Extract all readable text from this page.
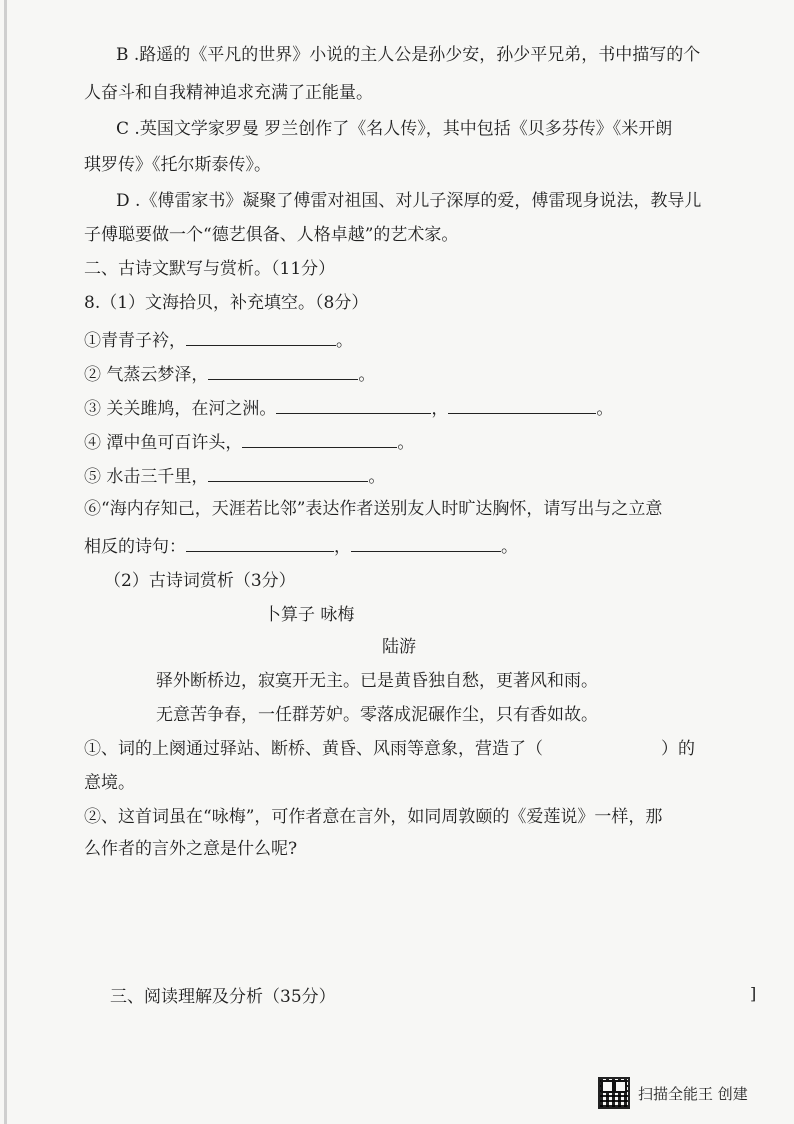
B .路遥的《平凡的世界》小说的主人公是孙少安，孙少平兄弟，书中描写的个
人奋斗和自我精神追求充满了正能量。
C .英国文学家罗曼 罗兰创作了《名人传》，其中包括《贝多芬传》《米开朗
琪罗传》《托尔斯泰传》。
D .《傅雷家书》凝聚了傅雷对祖国、对儿子深厚的爱，傅雷现身说法，教导儿
子傅聪要做一个“德艺俱备、人格卓越”的艺术家。
二、古诗文默写与赏析。（11分）
8.（1）文海拾贝，补充填空。（8分）
①青青子衿，	。
② 气蒸云梦泽，	。
③ 关关雎鸠，在河之洲。	，	。
④ 潭中鱼可百许头，	。
⑤ 水击三千里，	。
⑥“海内存知己，天涯若比邻”表达作者送别友人时旷达胸怀，请写出与之立意
相反的诗句：	，	。
（2）古诗词赏析（3分）
卜算子 咏梅
陆游
驿外断桥边，寂寞开无主。已是黄昏独自愁，更著风和雨。
无意苦争春，一任群芳妒。零落成泥碾作尘，只有香如故。
①、词的上阕通过驿站、断桥、黄昏、风雨等意象，营造了（	）的
意境。
②、这首词虽在“咏梅”，可作者意在言外，如同周敦颐的《爱莲说》一样，那
么作者的言外之意是什么呢?
三、阅读理解及分析（35分）	]
扫描全能王 创建
